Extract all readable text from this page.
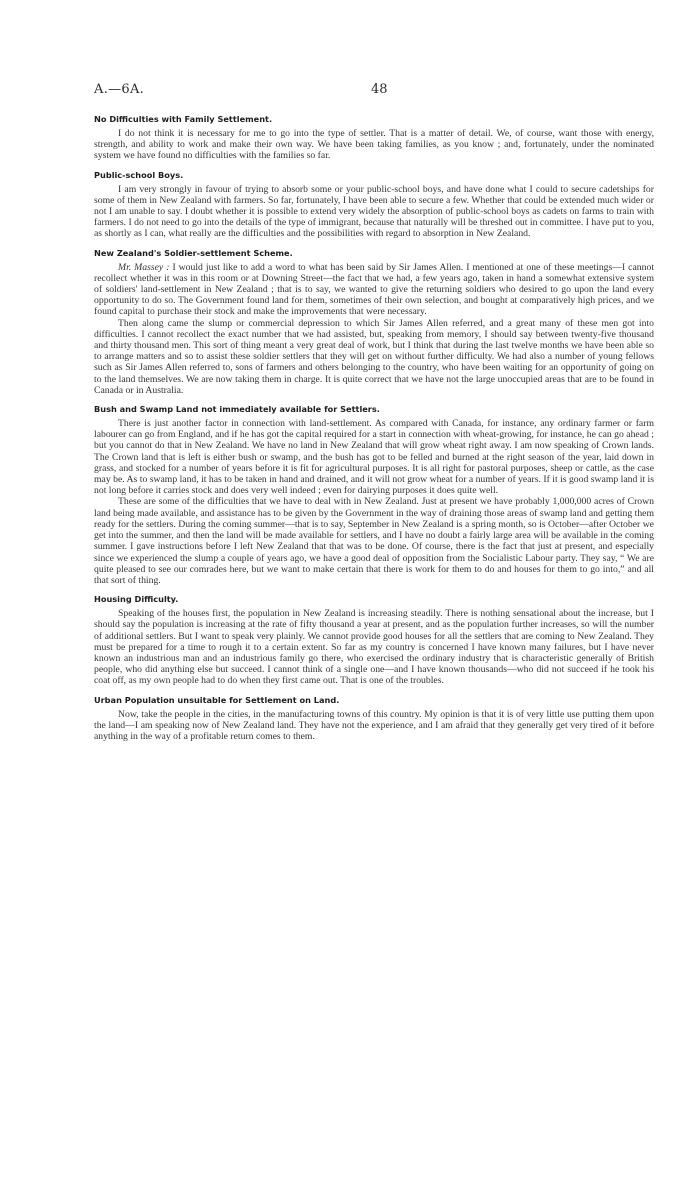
A.—6A.	48
No Difficulties with Family Settlement.

I do not think it is necessary for me to go into the type of settler. That is a matter of detail. We, of course, want those with energy, strength, and ability to work and make their own way. We have been taking families, as you know ; and, fortunately, under the nominated system we have found no difficulties with the families so far.

Public-school Boys.

I am very strongly in favour of trying to absorb some or your public-school boys, and have done what I could to secure cadetships for some of them in New Zealand with farmers. So far, fortunately, I have been able to secure a few. Whether that could be extended much wider or not I am unable to say. I doubt whether it is possible to extend very widely the absorption of public-school boys as cadets on farms to train with farmers. I do not need to go into the details of the type of immigrant, because that naturally will be threshed out in committee. I have put to you, as shortly as I can, what really are the difficulties and the possibilities with regard to absorption in New Zealand.

New Zealand's Soldier-settlement Scheme.

Mr. Massey : I would just like to add a word to what has been said by Sir James Allen. I mentioned at one of these meetings—I cannot recollect whether it was in this room or at Downing Street—the fact that we had, a few years ago, taken in hand a somewhat extensive system of soldiers' land-settlement in New Zealand ; that is to say, we wanted to give the returning soldiers who desired to go upon the land every opportunity to do so. The Government found land for them, sometimes of their own selection, and bought at comparatively high prices, and we found capital to purchase their stock and make the improvements that were necessary.

Then along came the slump or commercial depression to which Sir James Allen referred, and a great many of these men got into difficulties. I cannot recollect the exact number that we had assisted, but, speaking from memory, I should say between twenty-five thousand and thirty thousand men. This sort of thing meant a very great deal of work, but I think that during the last twelve months we have been able so to arrange matters and so to assist these soldier settlers that they will get on without further difficulty. We had also a number of young fellows such as Sir James Allen referred to, sons of farmers and others belonging to the country, who have been waiting for an opportunity of going on to the land themselves. We are now taking them in charge. It is quite correct that we have not the large unoccupied areas that are to be found in Canada or in Australia.

Bush and Swamp Land not immediately available for Settlers.

There is just another factor in connection with land-settlement. As compared with Canada, for instance, any ordinary farmer or farm labourer can go from England, and if he has got the capital required for a start in connection with wheat-growing, for instance, he can go ahead ; but you cannot do that in New Zealand. We have no land in New Zealand that will grow wheat right away. I am now speaking of Crown lands. The Crown land that is left is either bush or swamp, and the bush has got to be felled and burned at the right season of the year, laid down in grass, and stocked for a number of years before it is fit for agricultural purposes. It is all right for pastoral purposes, sheep or cattle, as the case may be. As to swamp land, it has to be taken in hand and drained, and it will not grow wheat for a number of years. If it is good swamp land it is not long before it carries stock and does very well indeed ; even for dairying purposes it does quite well.

These are some of the difficulties that we have to deal with in New Zealand. Just at present we have probably 1,000,000 acres of Crown land being made available, and assistance has to be given by the Government in the way of draining those areas of swamp land and getting them ready for the settlers. During the coming summer—that is to say, September in New Zealand is a spring month, so is October—after October we get into the summer, and then the land will be made available for settlers, and I have no doubt a fairly large area will be available in the coming summer. I gave instructions before I left New Zealand that that was to be done. Of course, there is the fact that just at present, and especially since we experienced the slump a couple of years ago, we have a good deal of opposition from the Socialistic Labour party. They say, “ We are quite pleased to see our comrades here, but we want to make certain that there is work for them to do and houses for them to go into,” and all that sort of thing.

Housing Difficulty.

Speaking of the houses first, the population in New Zealand is increasing steadily. There is nothing sensational about the increase, but I should say the population is increasing at the rate of fifty thousand a year at present, and as the population further increases, so will the number of additional settlers. But I want to speak very plainly. We cannot provide good houses for all the settlers that are coming to New Zealand. They must be prepared for a time to rough it to a certain extent. So far as my country is concerned I have known many failures, but I have never known an industrious man and an industrious family go there, who exercised the ordinary industry that is characteristic generally of British people, who did anything else but succeed. I cannot think of a single one—and I have known thousands—who did not succeed if he took his coat off, as my own people had to do when they first came out. That is one of the troubles.

Urban Population unsuitable for Settlement on Land.

Now, take the people in the cities, in the manufacturing towns of this country. My opinion is that it is of very little use putting them upon the land—I am speaking now of New Zealand land. They have not the experience, and I am afraid that they generally get very tired of it before anything in the way of a profitable return comes to them.
